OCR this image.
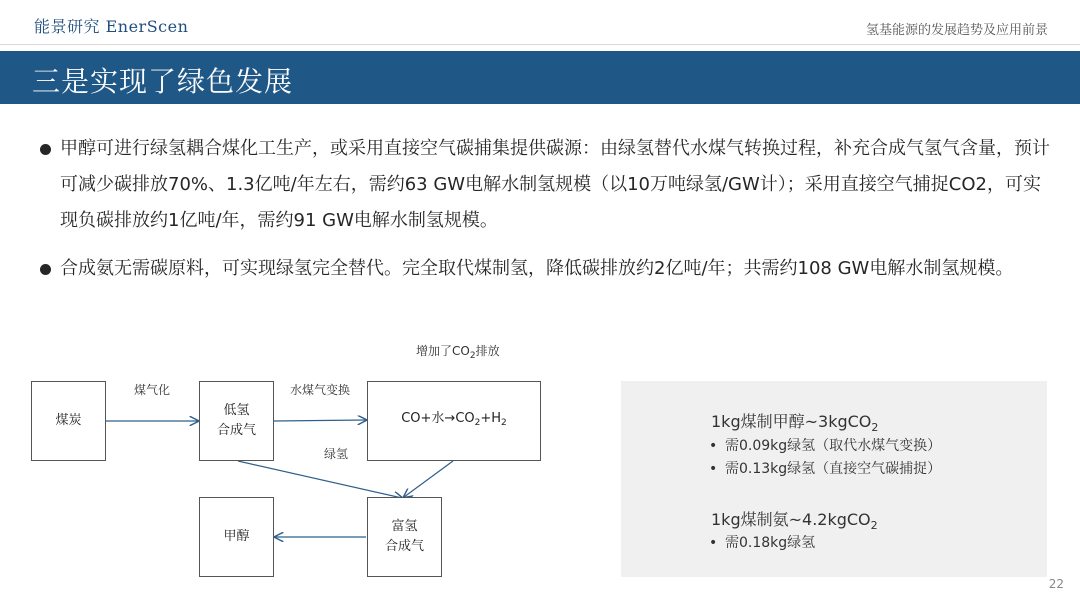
能景研究 EnerScen	氢基能源的发展趋势及应用前景
三是实现了绿色发展
甲醇可进行绿氢耦合煤化工生产，或采用直接空气碳捕集提供碳源：由绿氢替代水煤气转换过程，补充合成气氢气含量，预计可减少碳排放70%、1.3亿吨/年左右，需约63 GW电解水制氢规模（以10万吨绿氢/GW计）；采用直接空气捕捉CO2，可实现负碳排放约1亿吨/年，需约91 GW电解水制氢规模。
合成氨无需碳原料，可实现绿氢完全替代。完全取代煤制氢，降低碳排放约2亿吨/年；共需约108 GW电解水制氢规模。
增加了$CO_2$排放
煤气化	水煤气变换
绿氢
煤炭
低氢
合成气
CO+水$\to CO_2+H_2$
甲醇
富氢
合成气
1kg煤制甲醇~3kgCO$_2$
• 需0.09kg绿氢（取代水煤气变换）
• 需0.13kg绿氢（直接空气碳捕捉）
1kg煤制氨~4.2kgCO$_2$
• 需0.18kg绿氢
22
